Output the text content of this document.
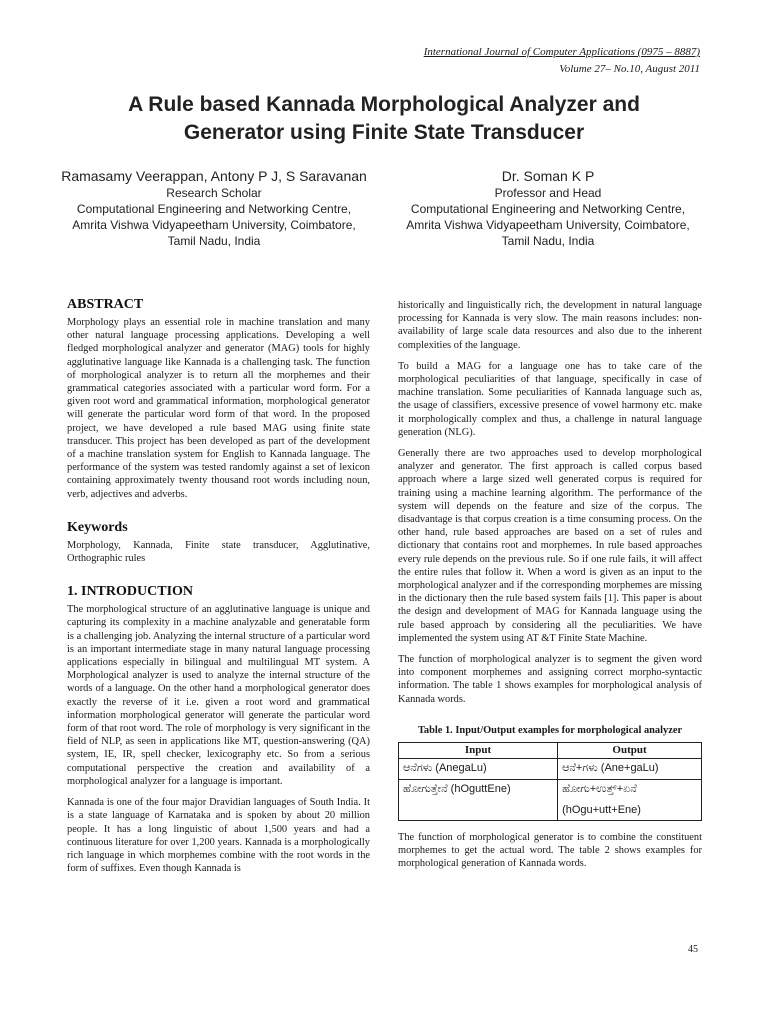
International Journal of Computer Applications (0975 – 8887)
Volume 27– No.10, August 2011
A Rule based Kannada Morphological Analyzer and
Generator using Finite State Transducer
Ramasamy Veerappan, Antony P J, S Saravanan
Research Scholar
Computational Engineering and Networking Centre,
Amrita Vishwa Vidyapeetham University, Coimbatore,
Tamil Nadu, India
Dr. Soman K P
Professor and Head
Computational Engineering and Networking Centre,
Amrita Vishwa Vidyapeetham University, Coimbatore,
Tamil Nadu, India
ABSTRACT

Morphology plays an essential role in machine translation and many other natural language processing applications. Developing a well fledged morphological analyzer and generator (MAG) tools for highly agglutinative language like Kannada is a challenging task. The function of morphological analyzer is to return all the morphemes and their grammatical categories associated with a particular word form. For a given root word and grammatical information, morphological generator will generate the particular word form of that word. In the proposed project, we have developed a rule based MAG using finite state transducer. This project has been developed as part of the development of a machine translation system for English to Kannada language. The performance of the system was tested randomly against a set of lexicon containing approximately twenty thousand root words including noun, verb, adjectives and adverbs.

Keywords

Morphology, Kannada, Finite state transducer, Agglutinative, Orthographic rules

1. INTRODUCTION

The morphological structure of an agglutinative language is unique and capturing its complexity in a machine analyzable and generatable form is a challenging job. Analyzing the internal structure of a particular word is an important intermediate stage in many natural language processing applications especially in bilingual and multilingual MT system. A Morphological analyzer is used to analyze the internal structure of the words of a language. On the other hand a morphological generator does exactly the reverse of it i.e. given a root word and grammatical information morphological generator will generate the particular word form of that root word. The role of morphology is very significant in the field of NLP, as seen in applications like MT, question-answering (QA) system, IE, IR, spell checker, lexicography etc. So from a serious computational perspective the creation and availability of a morphological analyzer for a language is important.

Kannada is one of the four major Dravidian languages of South India. It is a state language of Karnataka and is spoken by about 20 million people. It has a long linguistic of about 1,500 years and had a continuous literature for over 1,200 years. Kannada is a morphologically rich language in which morphemes combine with the root words in the form of suffixes. Even though Kannada is

historically and linguistically rich, the development in natural language processing for Kannada is very slow. The main reasons includes: non-availability of large scale data resources and also due to the inherent complexities of the language.

To build a MAG for a language one has to take care of the morphological peculiarities of that language, specifically in case of machine translation. Some peculiarities of Kannada language such as, the usage of classifiers, excessive presence of vowel harmony etc. make it morphologically complex and thus, a challenge in natural language generation (NLG).

Generally there are two approaches used to develop morphological analyzer and generator. The first approach is called corpus based approach where a large sized well generated corpus is required for training using a machine learning algorithm. The performance of the system will depends on the feature and size of the corpus. The disadvantage is that corpus creation is a time consuming process. On the other hand, rule based approaches are based on a set of rules and dictionary that contains root and morphemes. In rule based approaches every rule depends on the previous rule. So if one rule fails, it will affect the entire rules that follow it. When a word is given as an input to the morphological analyzer and if the corresponding morphemes are missing in the dictionary then the rule based system fails [1]. This paper is about the design and development of MAG for Kannada language using the rule based approach by considering all the peculiarities. We have implemented the system using AT &T Finite State Machine.

The function of morphological analyzer is to segment the given word into component morphemes and assigning correct morpho-syntactic information. The table 1 shows examples for morphological analysis of Kannada words.

Table 1. Input/Output examples for morphological analyzer
Input	Output
ಆನೆಗಳು (AnegaLu)	ಆನೆ+ಗಳು (Ane+gaLu)
ಹೋಗುತ್ತೇನೆ (hOguttEne)	ಹೋಗು+ಉತ್ತ್+ಏನೆ
(hOgu+utt+Ene)

The function of morphological generator is to combine the constituent morphemes to get the actual word. The table 2 shows examples for morphological generation of Kannada words.

45
